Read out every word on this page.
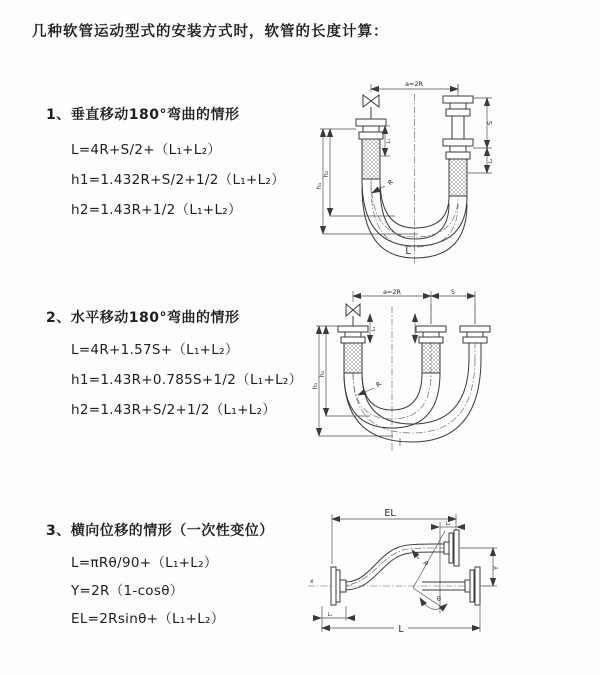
几种软管运动型式的安装方式时，软管的长度计算：
1、垂直移动180°弯曲的情形
L=4R+S/2+（L₁+L₂）
h1=1.432R+S/2+1/2（L₁+L₂）
h2=1.43R+1/2（L₁+L₂）
2、水平移动180°弯曲的情形
L=4R+1.57S+（L₁+L₂）
h1=1.43R+0.785S+1/2（L₁+L₂）
h2=1.43R+S/2+1/2（L₁+L₂）
3、横向位移的情形（一次性变位）
L=πRθ/90+（L₁+L₂）
Y=2R（1-cosθ）
EL=2Rsinθ+（L₁+L₂）
a=2R
h₁
h₂
L₁
S
L₂
R
L
a=2R	S
h₁
h₂
L₁
R
x
EL
L₂
θ
R	Y
L₁
L
